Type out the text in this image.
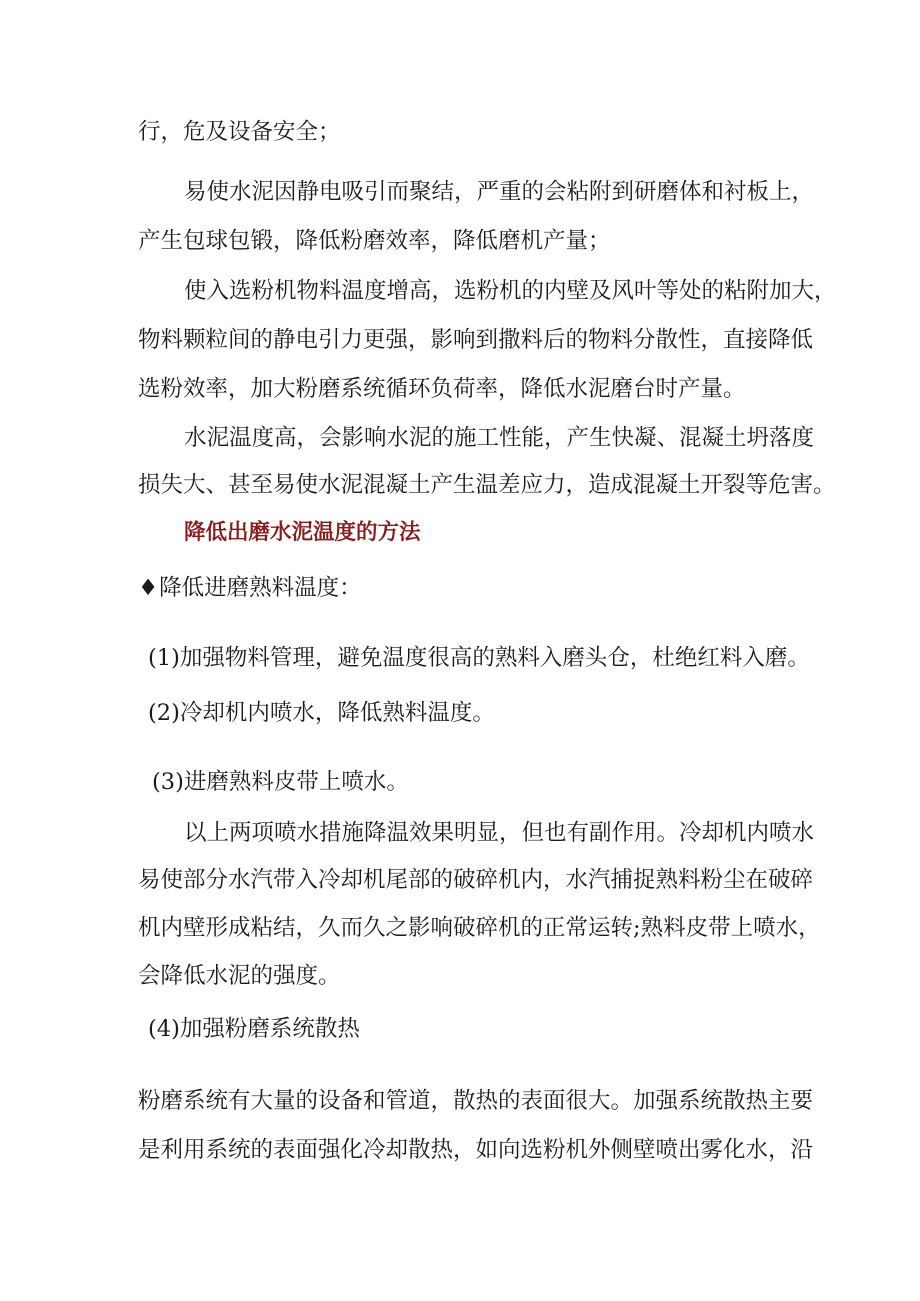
行，危及设备安全；

易使水泥因静电吸引而聚结，严重的会粘附到研磨体和衬板上，

产生包球包锻，降低粉磨效率，降低磨机产量；

使入选粉机物料温度增高，选粉机的内壁及风叶等处的粘附加大，

物料颗粒间的静电引力更强，影响到撒料后的物料分散性，直接降低

选粉效率，加大粉磨系统循环负荷率，降低水泥磨台时产量。

水泥温度高，会影响水泥的施工性能，产生快凝、混凝土坍落度

损失大、甚至易使水泥混凝土产生温差应力，造成混凝土开裂等危害。

降低出磨水泥温度的方法

♦降低进磨熟料温度：

(1)加强物料管理，避免温度很高的熟料入磨头仓，杜绝红料入磨。

(2)冷却机内喷水，降低熟料温度。

(3)进磨熟料皮带上喷水。

以上两项喷水措施降温效果明显，但也有副作用。冷却机内喷水

易使部分水汽带入冷却机尾部的破碎机内，水汽捕捉熟料粉尘在破碎

机内壁形成粘结，久而久之影响破碎机的正常运转;熟料皮带上喷水，

会降低水泥的强度。

(4)加强粉磨系统散热

粉磨系统有大量的设备和管道，散热的表面很大。加强系统散热主要

是利用系统的表面强化冷却散热，如向选粉机外侧壁喷出雾化水，沿
